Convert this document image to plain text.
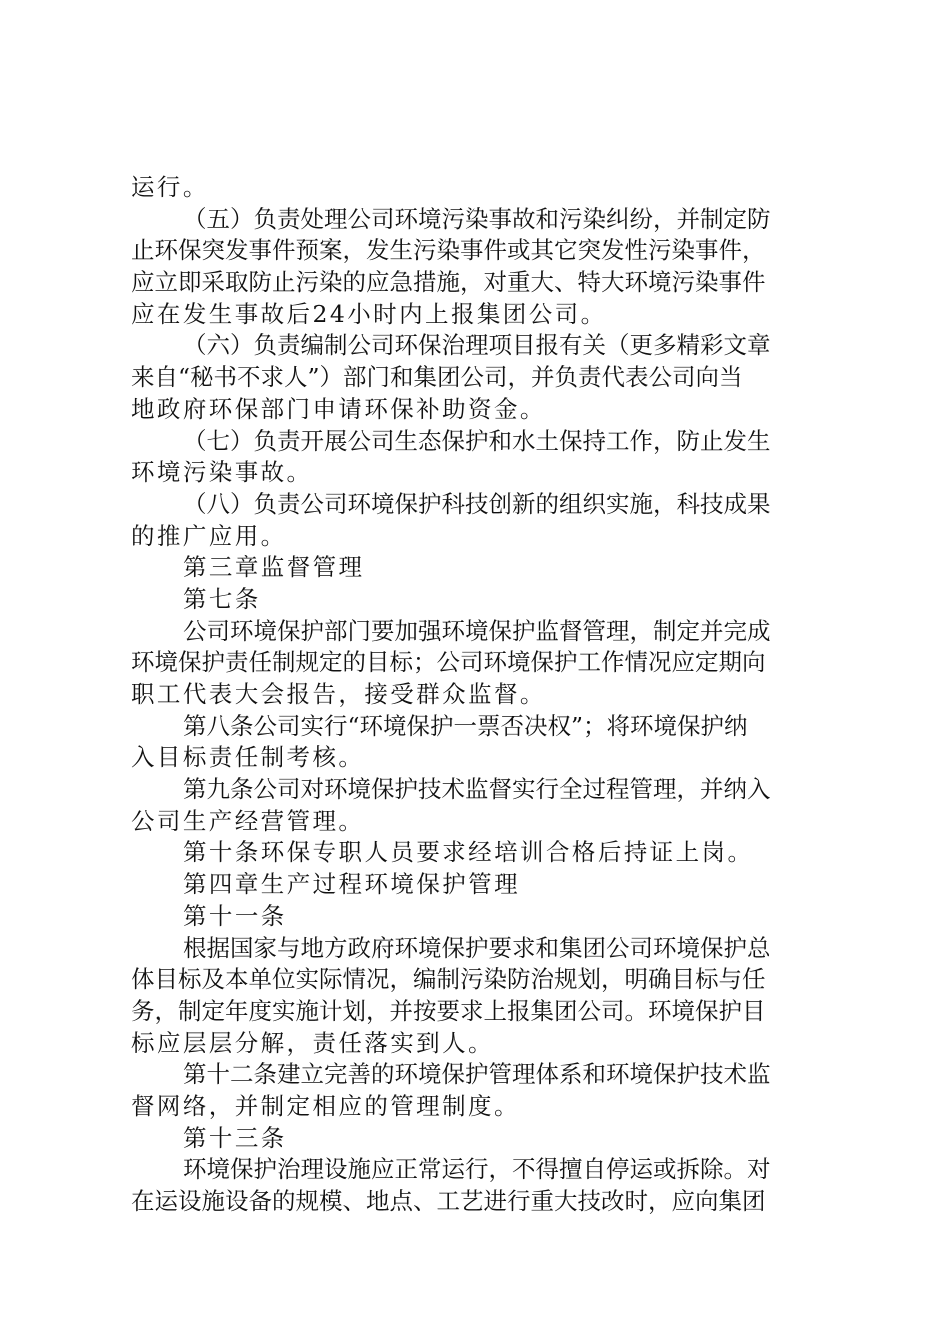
运行。
（五）负责处理公司环境污染事故和污染纠纷，并制定防
止环保突发事件预案，发生污染事件或其它突发性污染事件，
应立即采取防止污染的应急措施，对重大、特大环境污染事件
应在发生事故后24小时内上报集团公司。
（六）负责编制公司环保治理项目报有关（更多精彩文章
来自“秘书不求人”）部门和集团公司，并负责代表公司向当
地政府环保部门申请环保补助资金。
（七）负责开展公司生态保护和水土保持工作，防止发生
环境污染事故。
（八）负责公司环境保护科技创新的组织实施，科技成果
的推广应用。
第三章监督管理
第七条
公司环境保护部门要加强环境保护监督管理，制定并完成
环境保护责任制规定的目标；公司环境保护工作情况应定期向
职工代表大会报告，接受群众监督。
第八条公司实行“环境保护一票否决权”；将环境保护纳
入目标责任制考核。
第九条公司对环境保护技术监督实行全过程管理，并纳入
公司生产经营管理。
第十条环保专职人员要求经培训合格后持证上岗。
第四章生产过程环境保护管理
第十一条
根据国家与地方政府环境保护要求和集团公司环境保护总
体目标及本单位实际情况，编制污染防治规划，明确目标与任
务，制定年度实施计划，并按要求上报集团公司。环境保护目
标应层层分解，责任落实到人。
第十二条建立完善的环境保护管理体系和环境保护技术监
督网络，并制定相应的管理制度。
第十三条
环境保护治理设施应正常运行，不得擅自停运或拆除。对
在运设施设备的规模、地点、工艺进行重大技改时，应向集团
